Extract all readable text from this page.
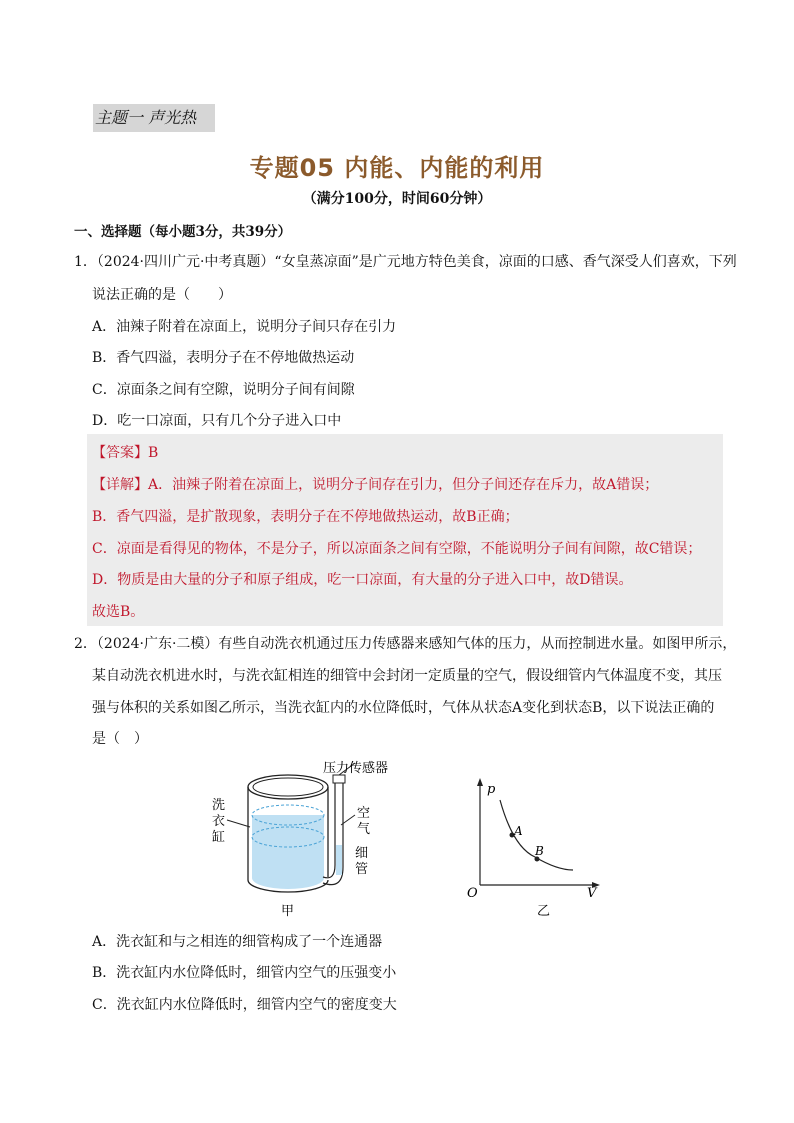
主题一 声光热
专题05 内能、内能的利用
（满分100分，时间60分钟）
一、选择题（每小题3分，共39分）
1．（2024·四川广元·中考真题）“女皇蒸凉面”是广元地方特色美食，凉面的口感、香气深受人们喜欢，下列
说法正确的是（　　）
A．油辣子附着在凉面上，说明分子间只存在引力
B．香气四溢，表明分子在不停地做热运动
C．凉面条之间有空隙，说明分子间有间隙
D．吃一口凉面，只有几个分子进入口中
【答案】B
【详解】A．油辣子附着在凉面上，说明分子间存在引力，但分子间还存在斥力，故A错误；
B．香气四溢，是扩散现象，表明分子在不停地做热运动，故B正确；
C．凉面是看得见的物体，不是分子，所以凉面条之间有空隙，不能说明分子间有间隙，故C错误；
D．物质是由大量的分子和原子组成，吃一口凉面，有大量的分子进入口中，故D错误。
故选B。
2．（2024·广东·二模）有些自动洗衣机通过压力传感器来感知气体的压力，从而控制进水量。如图甲所示，
某自动洗衣机进水时，与洗衣缸相连的细管中会封闭一定质量的空气，假设细管内气体温度不变，其压
强与体积的关系如图乙所示，当洗衣缸内的水位降低时，气体从状态A变化到状态B，以下说法正确的
是（　）
压力传感器
洗
衣
缸
空
气
细
管
甲
p
V
O
A
B
乙
A．洗衣缸和与之相连的细管构成了一个连通器
B．洗衣缸内水位降低时，细管内空气的压强变小
C．洗衣缸内水位降低时，细管内空气的密度变大
